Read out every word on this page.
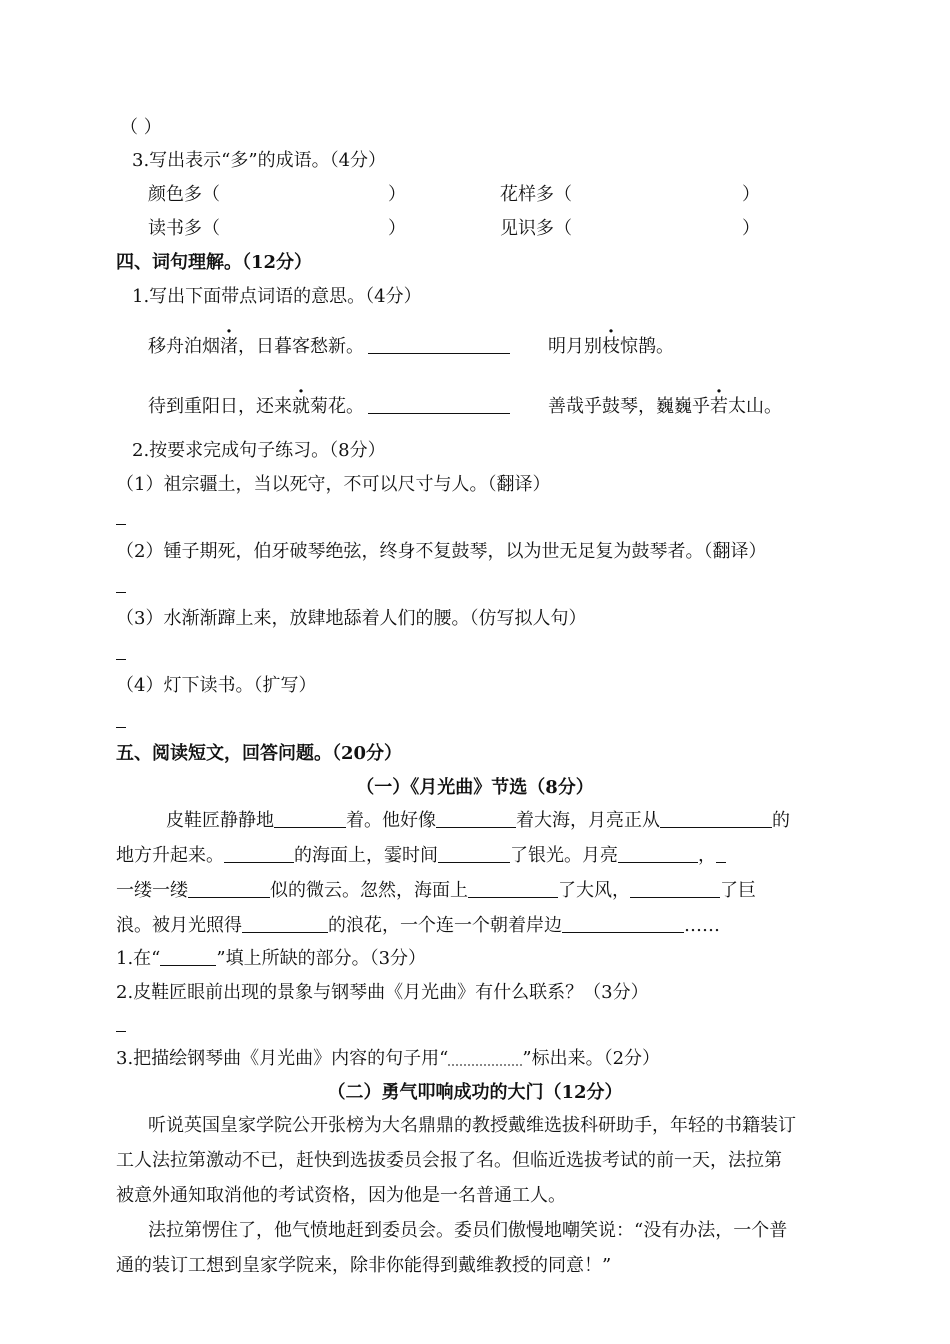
（ ）
3.写出表示“多”的成语。（4分）
颜色多（	）	花样多（	）
读书多（	）	见识多（	）
四、词句理解。（12分）
1.写出下面带点词语的意思。（4分）
移舟泊烟渚，日暮客愁新。	明月别枝惊鹊。
待到重阳日，还来就菊花。	善哉乎鼓琴，巍巍乎若太山。
2.按要求完成句子练习。（8分）
（1）祖宗疆土，当以死守，不可以尺寸与人。（翻译）
（2）锺子期死，伯牙破琴绝弦，终身不复鼓琴，以为世无足复为鼓琴者。（翻译）
（3）水渐渐蹿上来，放肆地舔着人们的腰。（仿写拟人句）
（4）灯下读书。（扩写）
五、阅读短文，回答问题。（20分）
（一）《月光曲》节选（8分）
皮鞋匠静静地	着。他好像	着大海，月亮正从	的
地方升起来。	的海面上，霎时间	了银光。月亮	，
一缕一缕	似的微云。忽然，海面上	了大风，	了巨
浪。被月光照得	的浪花，一个连一个朝着岸边	……
1.在“	”填上所缺的部分。（3分）
2.皮鞋匠眼前出现的景象与钢琴曲《月光曲》有什么联系？（3分）
3.把描绘钢琴曲《月光曲》内容的句子用“	”标出来。（2分）
（二）勇气叩响成功的大门（12分）
听说英国皇家学院公开张榜为大名鼎鼎的教授戴维选拔科研助手，年轻的书籍装订
工人法拉第激动不已，赶快到选拔委员会报了名。但临近选拔考试的前一天，法拉第
被意外通知取消他的考试资格，因为他是一名普通工人。
法拉第愣住了，他气愤地赶到委员会。委员们傲慢地嘲笑说：“没有办法，一个普
通的装订工想到皇家学院来，除非你能得到戴维教授的同意！”
